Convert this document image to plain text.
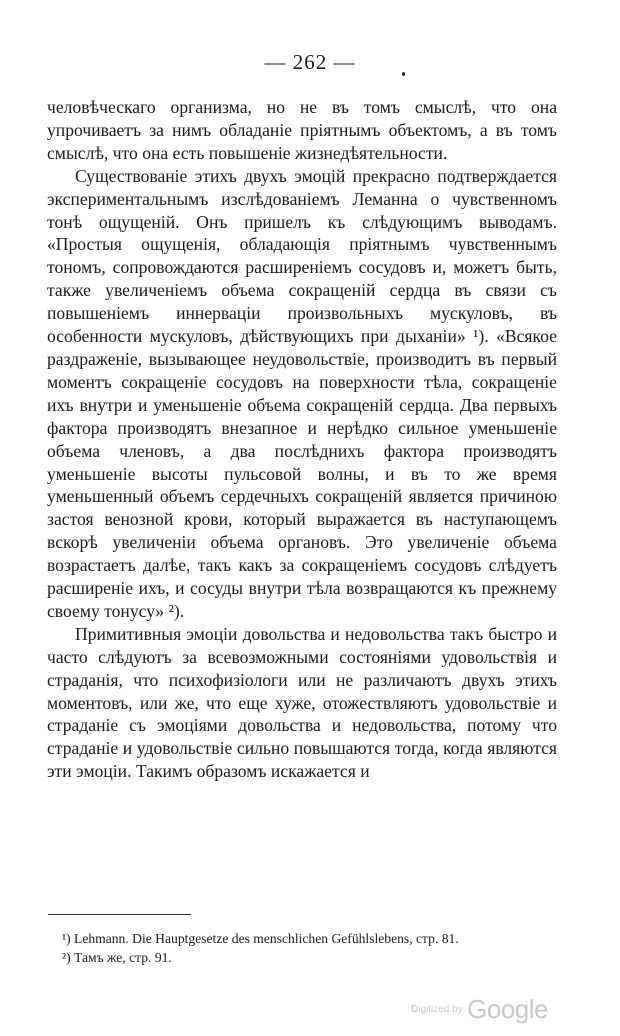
— 262 —

человѣческаго организма, но не въ томъ смыслѣ, что она упрочиваетъ за нимъ обладаніе пріятнымъ объектомъ, а въ томъ смыслѣ, что она есть повышеніе жизнедѣятельности.

Существованіе этихъ двухъ эмоцій прекрасно подтверждается экспериментальнымъ изслѣдованіемъ Леманна о чувственномъ тонѣ ощущеній. Онъ пришелъ къ слѣдующимъ выводамъ. «Простыя ощущенія, обладающія пріятнымъ чувственнымъ тономъ, сопровождаются расширеніемъ сосудовъ и, можетъ быть, также увеличеніемъ объема сокращеній сердца въ связи съ повышеніемъ иннерваціи произвольныхъ мускуловъ, въ особенности мускуловъ, дѣйствующихъ при дыханіи» ¹). «Всякое раздраженіе, вызывающее неудовольствіе, производитъ въ первый моментъ сокращеніе сосудовъ на поверхности тѣла, сокращеніе ихъ внутри и уменьшеніе объема сокращеній сердца. Два первыхъ фактора производятъ внезапное и нерѣдко сильное уменьшеніе объема членовъ, а два послѣднихъ фактора производятъ уменьшеніе высоты пульсовой волны, и въ то же время уменьшенный объемъ сердечныхъ сокращеній является причиною застоя венозной крови, который выражается въ наступающемъ вскорѣ увеличеніи объема органовъ. Это увеличеніе объема возрастаетъ далѣе, такъ какъ за сокращеніемъ сосудовъ слѣдуетъ расширеніе ихъ, и сосуды внутри тѣла возвращаются къ прежнему своему тонусу» ²).

Примитивныя эмоціи довольства и недовольства такъ быстро и часто слѣдуютъ за всевозможными состояніями удовольствія и страданія, что психофизіологи или не различаютъ двухъ этихъ моментовъ, или же, что еще хуже, отожествляютъ удовольствіе и страданіе съ эмоціями довольства и недовольства, потому что страданіе и удовольствіе сильно повышаются тогда, когда являются эти эмоціи. Такимъ образомъ искажается и

¹) Lehmann. Die Hauptgesetze des menschlichen Gefühlslebens, стр. 81.

²) Тамъ же, стр. 91.

Digitized by Google
